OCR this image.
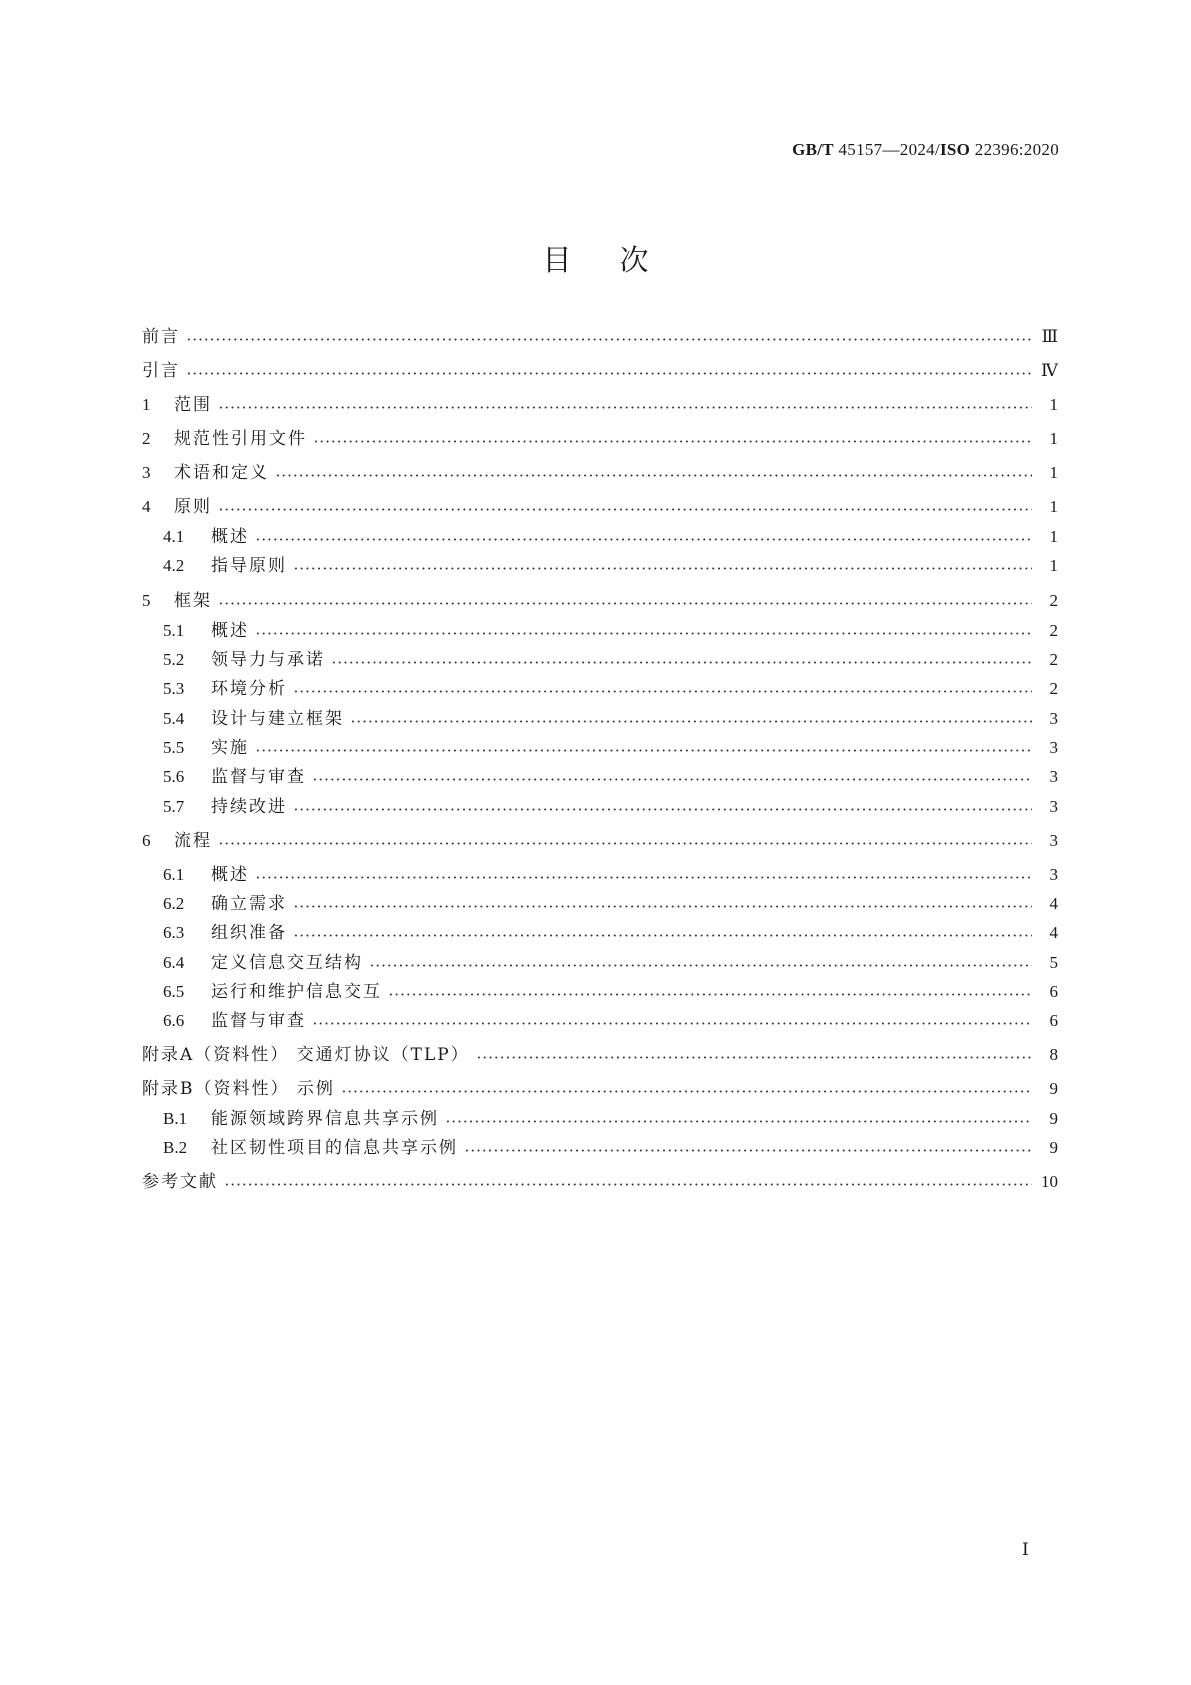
GB/T 45157—2024/ISO 22396:2020
目次
前言	Ⅲ
引言	Ⅳ
1	范围	1
2	规范性引用文件	1
3	术语和定义	1
4	原则	1
4.1	概述	1
4.2	指导原则	1
5	框架	2
5.1	概述	2
5.2	领导力与承诺	2
5.3	环境分析	2
5.4	设计与建立框架	3
5.5	实施	3
5.6	监督与审查	3
5.7	持续改进	3
6	流程	3
6.1	概述	3
6.2	确立需求	4
6.3	组织准备	4
6.4	定义信息交互结构	5
6.5	运行和维护信息交互	6
6.6	监督与审查	6
附录A（资料性） 交通灯协议（TLP）	8
附录B（资料性） 示例	9
B.1	能源领域跨界信息共享示例	9
B.2	社区韧性项目的信息共享示例	9
参考文献	10
Ⅰ
